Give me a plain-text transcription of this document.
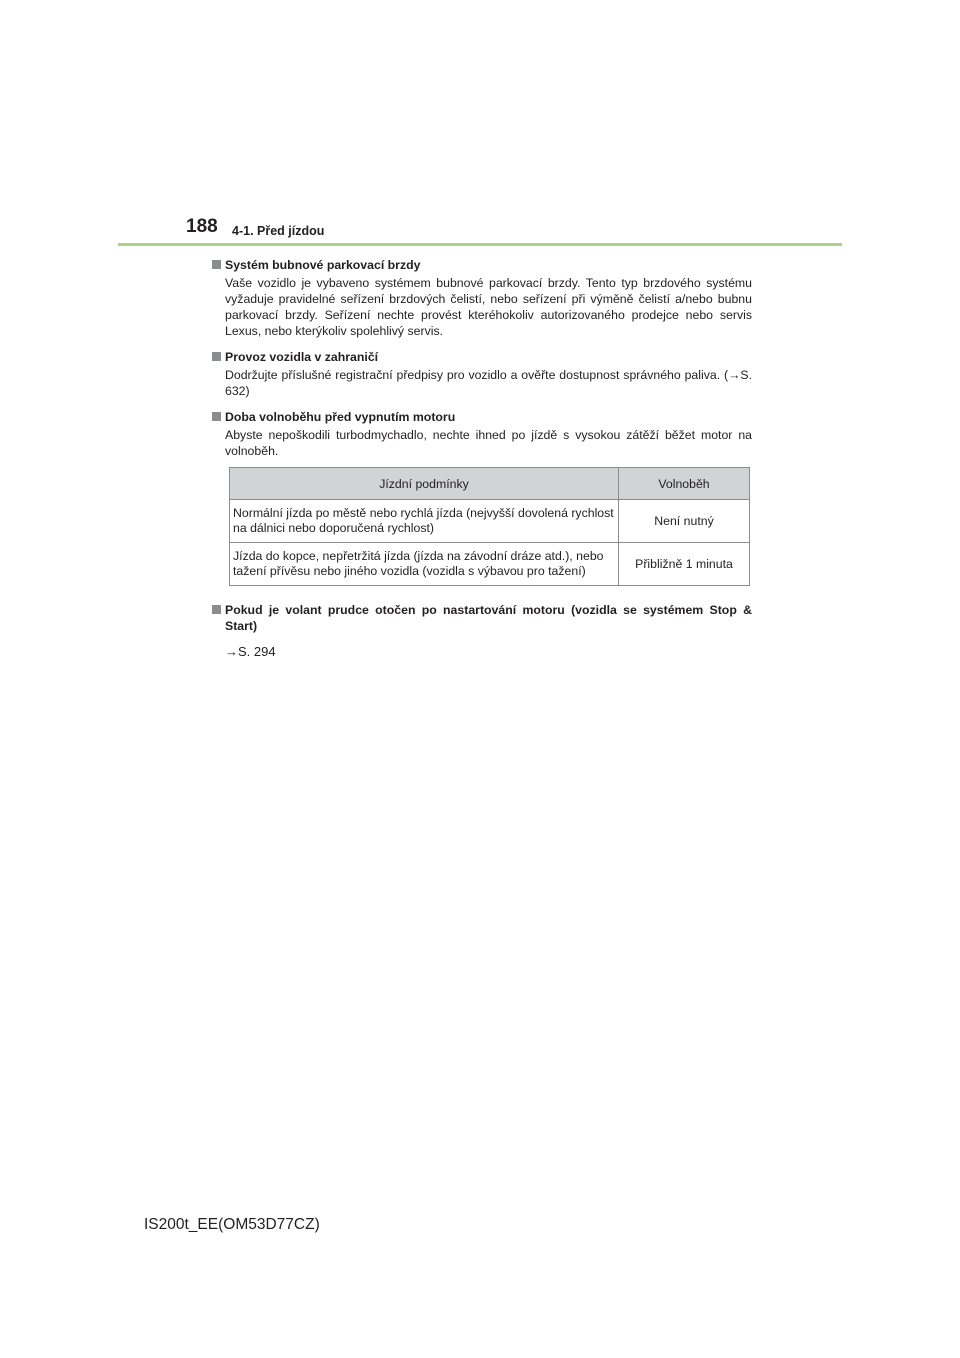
188 4-1. Před jízdou
Systém bubnové parkovací brzdy
Vaše vozidlo je vybaveno systémem bubnové parkovací brzdy. Tento typ brzdového systému vyžaduje pravidelné seřízení brzdových čelistí, nebo seřízení při výměně čelistí a/nebo bubnu parkovací brzdy. Seřízení nechte provést kteréhokoliv autorizovaného prodejce nebo servis Lexus, nebo kterýkoliv spolehlivý servis.
Provoz vozidla v zahraničí
Dodržujte příslušné registrační předpisy pro vozidlo a ověřte dostupnost správného paliva. (→S. 632)
Doba volnoběhu před vypnutím motoru
Abyste nepoškodili turbodmychadlo, nechte ihned po jízdě s vysokou zátěží běžet motor na volnoběh.
Jízdní podmínky	Volnoběh
Normální jízda po městě nebo rychlá jízda (nejvyšší dovolená rychlost na dálnici nebo doporučená rychlost)	Není nutný
Jízda do kopce, nepřetržitá jízda (jízda na závodní dráze atd.), nebo tažení přívěsu nebo jiného vozidla (vozidla s výbavou pro tažení)	Přibližně 1 minuta
Pokud je volant prudce otočen po nastartování motoru (vozidla se systémem Stop & Start)
→S. 294
IS200t_EE(OM53D77CZ)
